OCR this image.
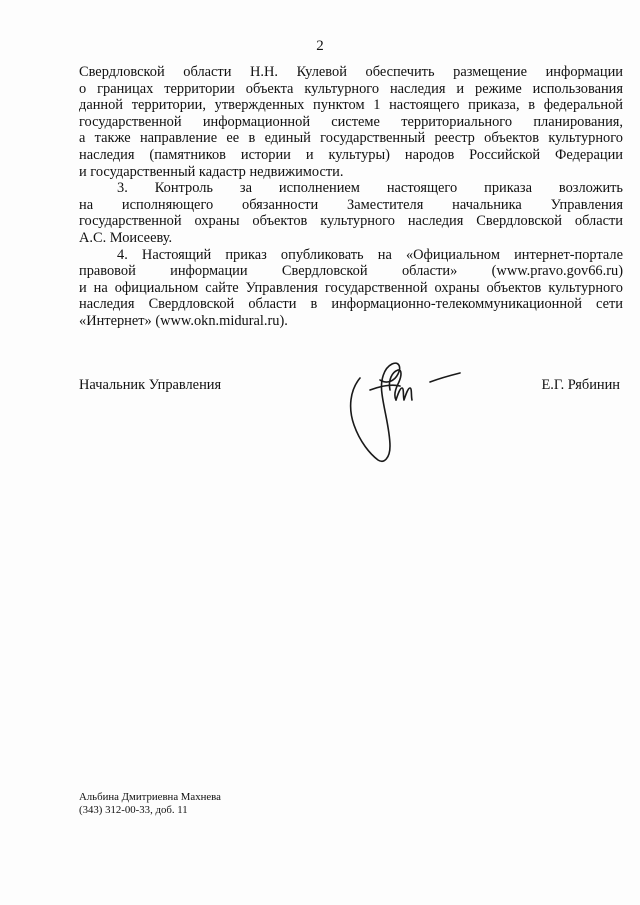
2

Свердловской области Н.Н. Кулевой обеспечить размещение информации
о границах территории объекта культурного наследия и режиме использования
данной территории, утвержденных пунктом 1 настоящего приказа, в федеральной
государственной информационной системе территориального планирования,
а также направление ее в единый государственный реестр объектов культурного
наследия (памятников истории и культуры) народов Российской Федерации
и государственный кадастр недвижимости.

3. Контроль за исполнением настоящего приказа возложить
на исполняющего обязанности Заместителя начальника Управления
государственной охраны объектов культурного наследия Свердловской области
А.С. Моисееву.

4. Настоящий приказ опубликовать на «Официальном интернет-портале
правовой информации Свердловской области» (www.pravo.gov66.ru)
и на официальном сайте Управления государственной охраны объектов культурного
наследия Свердловской области в информационно-телекоммуникационной сети
«Интернет» (www.okn.midural.ru).

Начальник Управления	Е.Г. Рябинин
Альбина Дмитриевна Махнева
(343) 312-00-33, доб. 11
